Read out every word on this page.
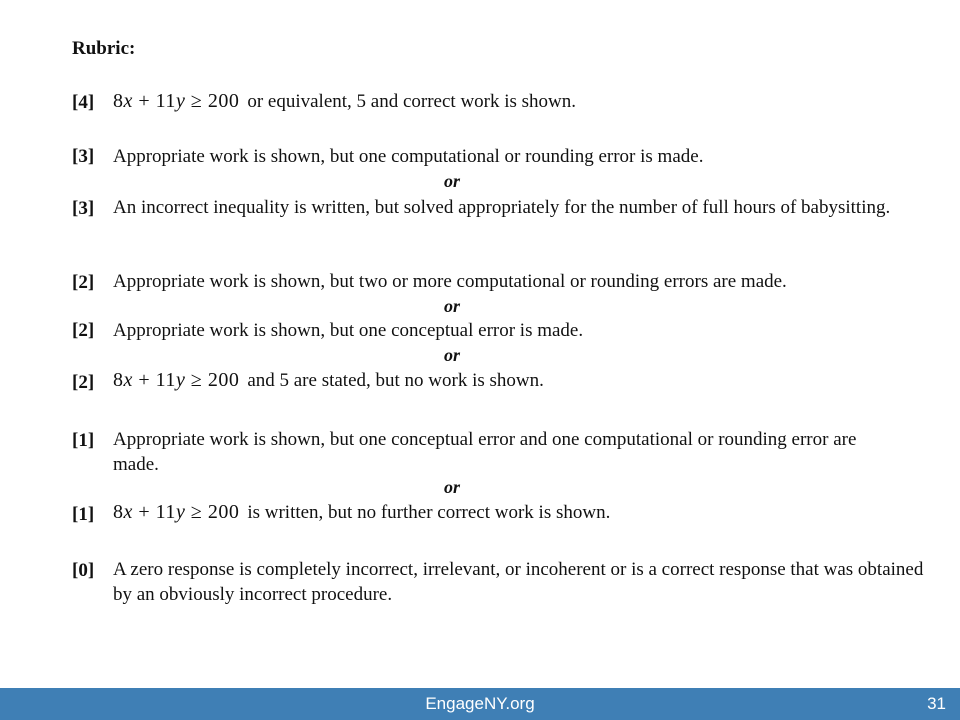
Rubric:
[4] 8x + 11y ≥ 200 or equivalent, 5 and correct work is shown.
[3] Appropriate work is shown, but one computational or rounding error is made.
or
[3] An incorrect inequality is written, but solved appropriately for the number of full hours of babysitting.
[2] Appropriate work is shown, but two or more computational or rounding errors are made.
or
[2] Appropriate work is shown, but one conceptual error is made.
or
[2] 8x + 11y ≥ 200 and 5 are stated, but no work is shown.
[1] Appropriate work is shown, but one conceptual error and one computational or rounding error are made.
or
[1] 8x + 11y ≥ 200 is written, but no further correct work is shown.
[0] A zero response is completely incorrect, irrelevant, or incoherent or is a correct response that was obtained by an obviously incorrect procedure.
EngageNY.org	31
